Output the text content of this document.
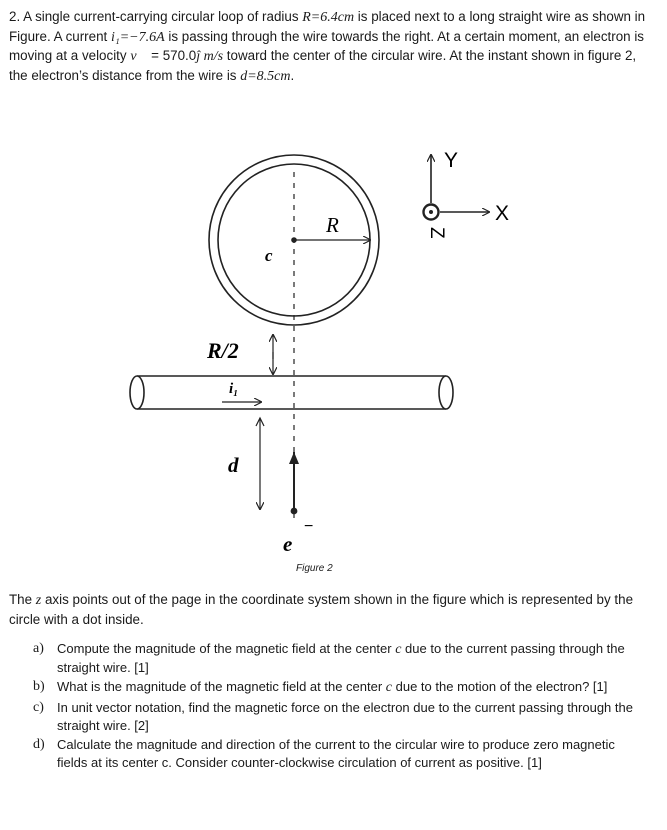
2. A single current-carrying circular loop of radius R=6.4cm is placed next to a long straight wire as shown in Figure. A current i₁=−7.6A is passing through the wire towards the right. At a certain moment, an electron is moving at a velocity v⃗ = 570.0ĵ m/s toward the center of the circular wire. At the instant shown in figure 2, the electron’s distance from the wire is d=8.5cm.
R
c
R/2
i₁
d
e
−
Y
X
Z
Figure 2
The z axis points out of the page in the coordinate system shown in the figure which is represented by the circle with a dot inside.
a) Compute the magnitude of the magnetic field at the center c due to the current passing through the straight wire. [1]
b) What is the magnitude of the magnetic field at the center c due to the motion of the electron? [1]
c) In unit vector notation, find the magnetic force on the electron due to the current passing through the straight wire. [2]
d) Calculate the magnitude and direction of the current to the circular wire to produce zero magnetic fields at its center c. Consider counter-clockwise circulation of current as positive. [1]
